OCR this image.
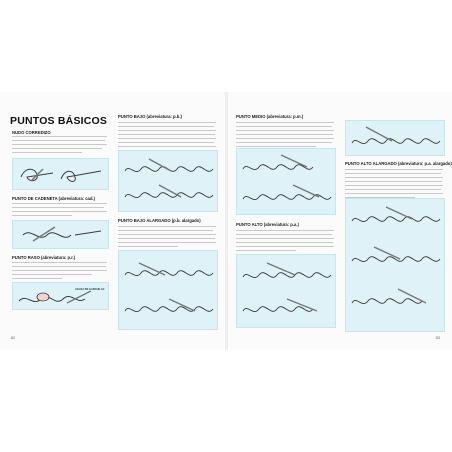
PUNTOS BÁSICOS
NUDO CORREDIZO
PUNTO DE CADENETA (abreviatura: cad.)
PUNTO RASO (abreviatura: p.r.)
AGUJA DE GANCHILLO
82
PUNTO BAJO (abreviatura: p.b.)
PUNTO BAJO ALARGADO (p.b. alargado)
PUNTO MEDIO (abreviatura: p.m.)
PUNTO ALTO (abreviatura: p.a.)
PUNTO ALTO ALARGADO (abreviatura: p.a. alargado)
83
